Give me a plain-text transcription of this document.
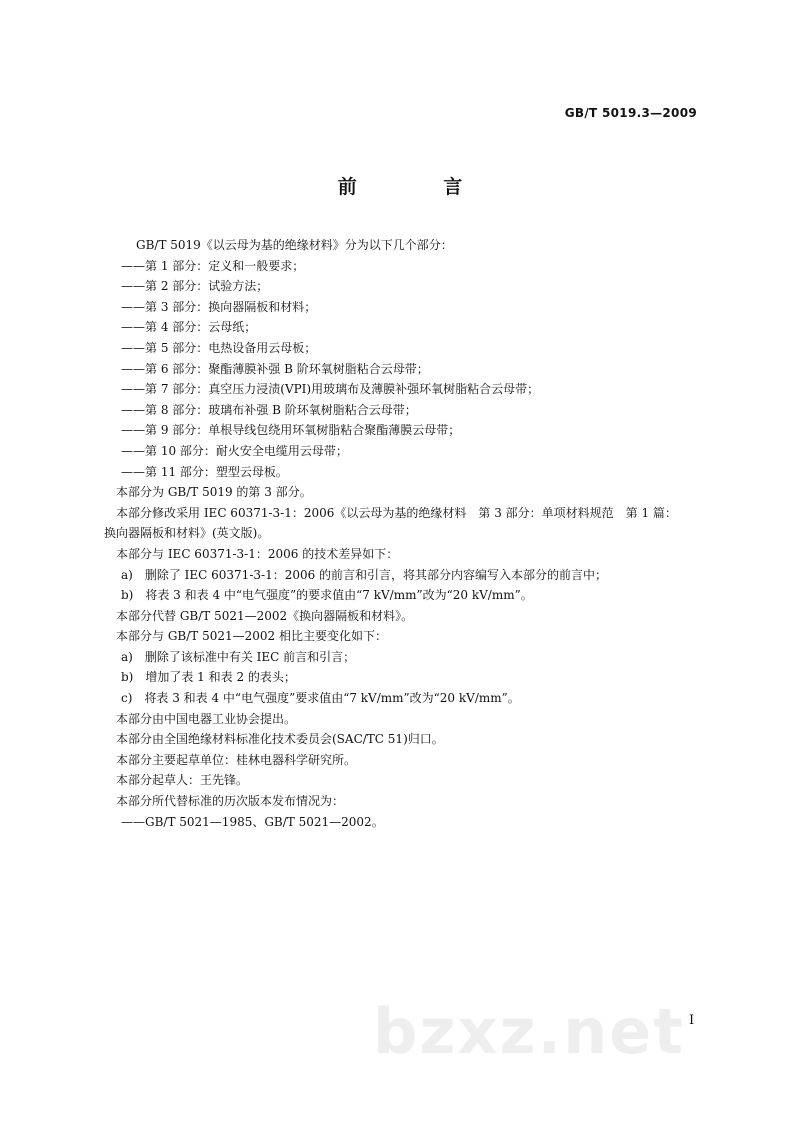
GB/T 5019.3—2009
前 言
GB/T 5019《以云母为基的绝缘材料》分为以下几个部分：
——第 1 部分：定义和一般要求；
——第 2 部分：试验方法；
——第 3 部分：换向器隔板和材料；
——第 4 部分：云母纸；
——第 5 部分：电热设备用云母板；
——第 6 部分：聚酯薄膜补强 B 阶环氧树脂粘合云母带；
——第 7 部分：真空压力浸渍(VPI)用玻璃布及薄膜补强环氧树脂粘合云母带；
——第 8 部分：玻璃布补强 B 阶环氧树脂粘合云母带；
——第 9 部分：单根导线包绕用环氧树脂粘合聚酯薄膜云母带；
——第 10 部分：耐火安全电缆用云母带；
——第 11 部分：塑型云母板。
本部分为 GB/T 5019 的第 3 部分。
本部分修改采用 IEC 60371-3-1：2006《以云母为基的绝缘材料　第 3 部分：单项材料规范　第 1 篇：
换向器隔板和材料》(英文版)。
本部分与 IEC 60371-3-1：2006 的技术差异如下：
a)　删除了 IEC 60371-3-1：2006 的前言和引言，将其部分内容编写入本部分的前言中；
b)　将表 3 和表 4 中“电气强度”的要求值由“7 kV/mm”改为“20 kV/mm”。
本部分代替 GB/T 5021—2002《换向器隔板和材料》。
本部分与 GB/T 5021—2002 相比主要变化如下：
a)　删除了该标准中有关 IEC 前言和引言；
b)　增加了表 1 和表 2 的表头；
c)　将表 3 和表 4 中“电气强度”要求值由“7 kV/mm”改为“20 kV/mm”。
本部分由中国电器工业协会提出。
本部分由全国绝缘材料标准化技术委员会(SAC/TC 51)归口。
本部分主要起草单位：桂林电器科学研究所。
本部分起草人：王先锋。
本部分所代替标准的历次版本发布情况为：
——GB/T 5021—1985、GB/T 5021—2002。
bzxz.net I
